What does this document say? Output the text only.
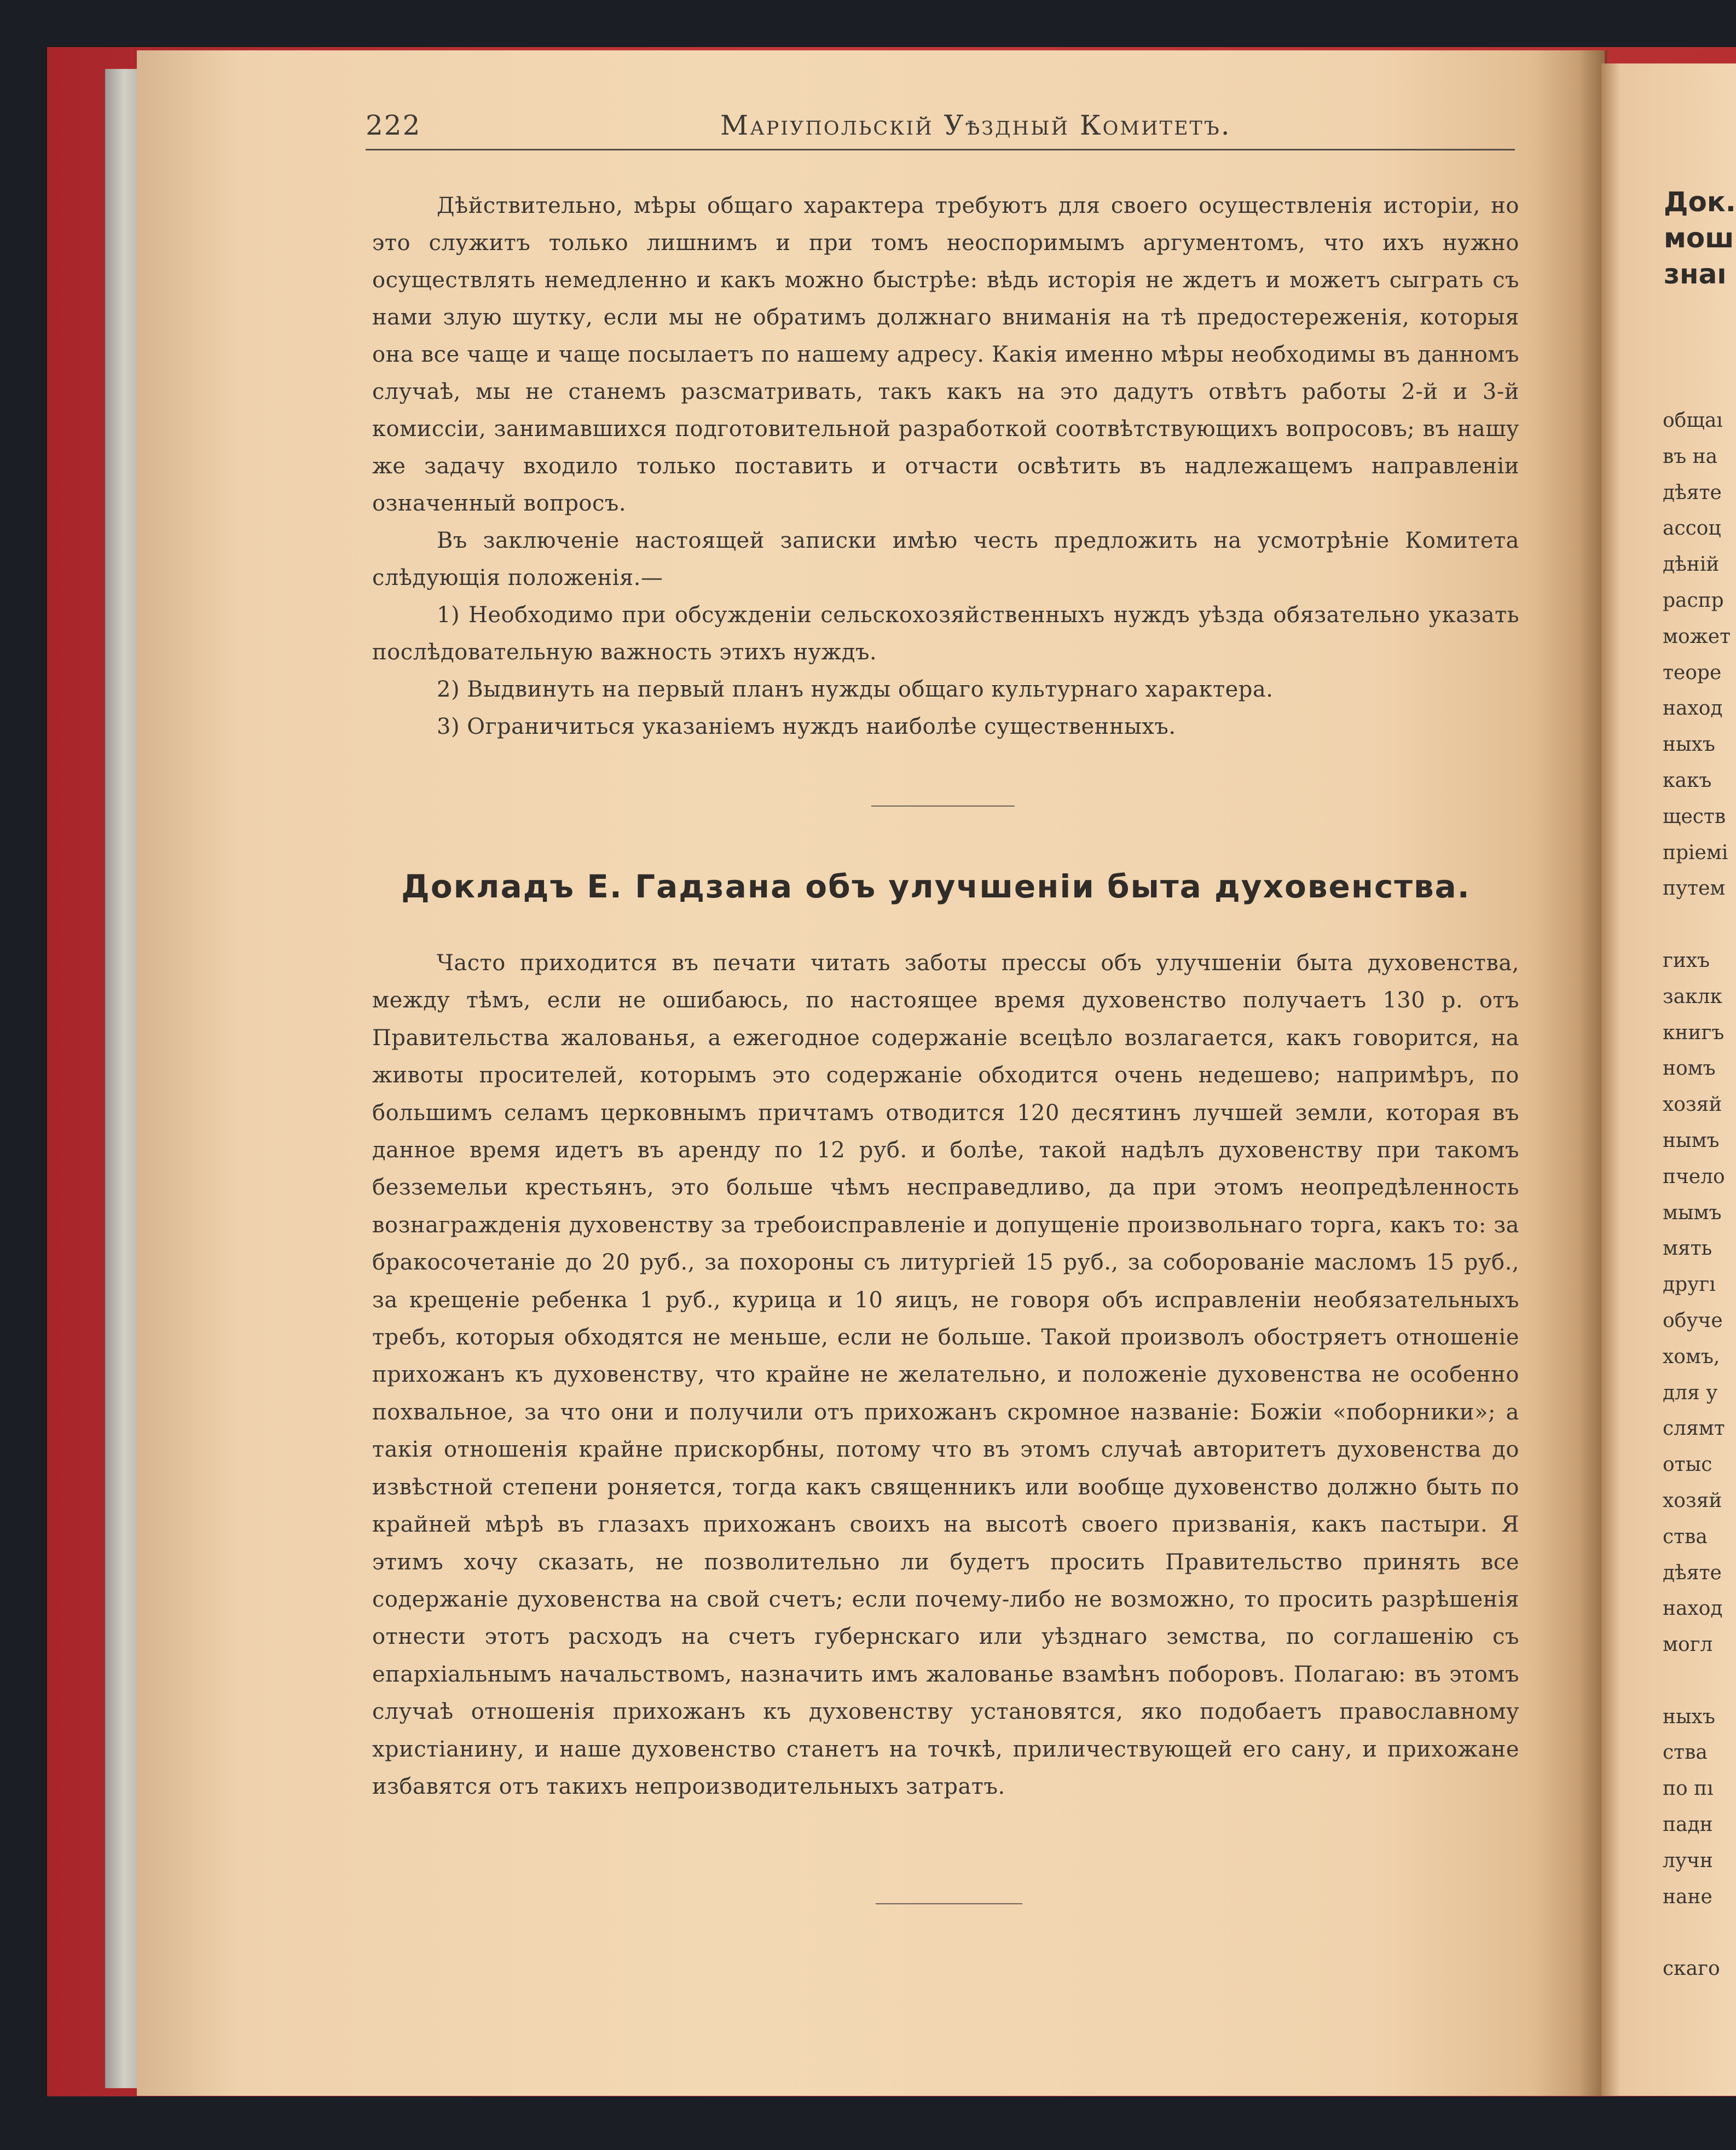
222	Маріупольскій Уѣздный Комитетъ.

Дѣйствительно, мѣры общаго характера требуютъ для своего осуществленія исторіи, но это служитъ только лишнимъ и при томъ неоспоримымъ аргументомъ, что ихъ нужно осуществлять немедленно и какъ можно быстрѣе: вѣдь исторія не ждетъ и можетъ сыграть съ нами злую шутку, если мы не обратимъ должнаго вниманія на тѣ предостереженія, которыя она все чаще и чаще посылаетъ по нашему адресу. Какія именно мѣры необходимы въ данномъ случаѣ, мы не станемъ разсматривать, такъ какъ на это дадутъ отвѣтъ работы 2-й и 3-й комиссіи, занимавшихся подготовительной разработкой соотвѣтствующихъ вопросовъ; въ нашу же задачу входило только поставить и отчасти освѣтить въ надлежащемъ направленіи означенный вопросъ.

Въ заключеніе настоящей записки имѣю честь предложить на усмотрѣніе Комитета слѣдующія положенія.—

1) Необходимо при обсужденіи сельскохозяйственныхъ нуждъ уѣзда обязательно указать послѣдовательную важность этихъ нуждъ.

2) Выдвинуть на первый планъ нужды общаго культурнаго характера.

3) Ограничиться указаніемъ нуждъ наиболѣе существенныхъ.

Докладъ Е. Гадзана объ улучшеніи быта духовенства.

Часто приходится въ печати читать заботы прессы объ улучшеніи быта духовенства, между тѣмъ, если не ошибаюсь, по настоящее время духовенство получаетъ 130 р. отъ Правительства жалованья, а ежегодное содержаніе всецѣло возлагается, какъ говорится, на животы просителей, которымъ это содержаніе обходится очень недешево; напримѣръ, по большимъ селамъ церковнымъ причтамъ отводится 120 десятинъ лучшей земли, которая въ данное время идетъ въ аренду по 12 руб. и болѣе, такой надѣлъ духовенству при такомъ безземельи крестьянъ, это больше чѣмъ несправедливо, да при этомъ неопредѣленность вознагражденія духовенству за требоисправленіе и допущеніе произвольнаго торга, какъ то: за бракосочетаніе до 20 руб., за похороны съ литургіей 15 руб., за соборованіе масломъ 15 руб., за крещеніе ребенка 1 руб., курица и 10 яицъ, не говоря объ исправленіи необязательныхъ требъ, которыя обходятся не меньше, если не больше. Такой произволъ обостряетъ отношеніе прихожанъ къ духовенству, что крайне не желательно, и положеніе духовенства не особенно похвальное, за что они и получили отъ прихожанъ скромное названіе: Божіи «поборники»; а такія отношенія крайне прискорбны, потому что въ этомъ случаѣ авторитетъ духовенства до извѣстной степени роняется, тогда какъ священникъ или вообще духовенство должно быть по крайней мѣрѣ въ глазахъ прихожанъ своихъ на высотѣ своего призванія, какъ пастыри. Я этимъ хочу сказать, не позволительно ли будетъ просить Правительство принять все содержаніе духовенства на свой счетъ; если почему-либо не возможно, то просить разрѣшенія отнести этотъ расходъ на счетъ губернскаго или уѣзднаго земства, по соглашенію съ епархіальнымъ начальствомъ, назначить имъ жалованье взамѣнъ поборовъ. Полагаю: въ этомъ случаѣ отношенія прихожанъ къ духовенству установятся, яко подобаетъ православному христіанину, и наше духовенство станетъ на точкѣ, приличествующей его сану, и прихожане избавятся отъ такихъ непроизводительныхъ затратъ.

Док.
мош
знаı
общаı
въ на
дѣяте
ассоц
дѣній
распр
может
теоре
наход
ныхъ
какъ
ществ
пріемі
путем
гихъ
заклк
книгъ
номъ
хозяй
нымъ
пчело
мымъ
мять
другı
обуче
хомъ,
для у
слямт
отыс
хозяй
ства
дѣяте
наход
могл
ныхъ
ства
по пı
падн
лучн
нане
скаго
